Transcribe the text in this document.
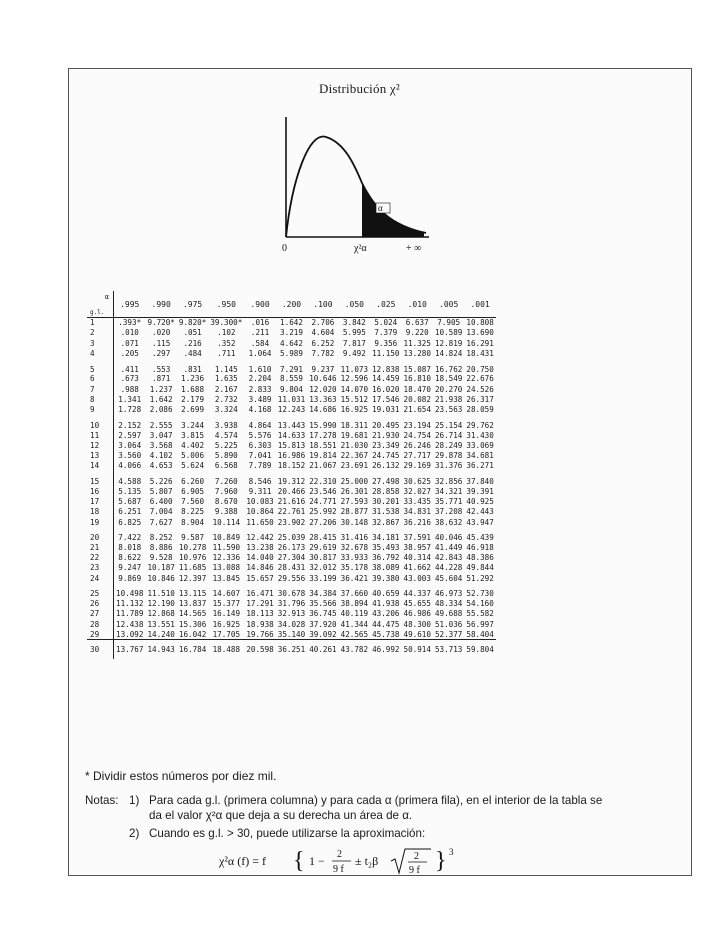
Distribución χ²
α
0	χ²α	+ ∞
α
g.l.	.995	.990	.975	.950	.900	.200	.100	.050	.025	.010	.005	.001
1	.393*	9.720*	9.820*	39.300*	.016	1.642	2.706	3.842	5.024	6.637	7.905	10.808
2	.010	.020	.051	.102	.211	3.219	4.604	5.995	7.379	9.220	10.589	13.690
3	.071	.115	.216	.352	.584	4.642	6.252	7.817	9.356	11.325	12.819	16.291
4	.205	.297	.484	.711	1.064	5.989	7.782	9.492	11.150	13.280	14.824	18.431
5	.411	.553	.831	1.145	1.610	7.291	9.237	11.073	12.838	15.087	16.762	20.750
6	.673	.871	1.236	1.635	2.204	8.559	10.646	12.596	14.459	16.810	18.549	22.676
7	.988	1.237	1.688	2.167	2.833	9.804	12.020	14.070	16.020	18.470	20.270	24.526
8	1.341	1.642	2.179	2.732	3.489	11.031	13.363	15.512	17.546	20.082	21.938	26.317
9	1.728	2.086	2.699	3.324	4.168	12.243	14.686	16.925	19.031	21.654	23.563	28.059
10	2.152	2.555	3.244	3.938	4.864	13.443	15.990	18.311	20.495	23.194	25.154	29.762
11	2.597	3.047	3.815	4.574	5.576	14.633	17.278	19.681	21.930	24.754	26.714	31.430
12	3.064	3.568	4.402	5.225	6.303	15.813	18.551	21.030	23.349	26.246	28.249	33.069
13	3.560	4.102	5.006	5.890	7.041	16.986	19.814	22.367	24.745	27.717	29.878	34.681
14	4.066	4.653	5.624	6.568	7.789	18.152	21.067	23.691	26.132	29.169	31.376	36.271
15	4.588	5.226	6.260	7.260	8.546	19.312	22.310	25.000	27.498	30.625	32.856	37.840
16	5.135	5.807	6.905	7.960	9.311	20.466	23.546	26.301	28.858	32.027	34.321	39.391
17	5.687	6.400	7.560	8.670	10.083	21.616	24.771	27.593	30.201	33.435	35.771	40.925
18	6.251	7.004	8.225	9.388	10.864	22.761	25.992	28.877	31.538	34.831	37.208	42.443
19	6.825	7.627	8.904	10.114	11.650	23.902	27.206	30.148	32.867	36.216	38.632	43.947
20	7.422	8.252	9.587	10.849	12.442	25.039	28.415	31.416	34.181	37.591	40.046	45.439
21	8.018	8.886	10.278	11.590	13.238	26.173	29.619	32.678	35.493	38.957	41.449	46.918
22	8.622	9.528	10.976	12.336	14.040	27.304	30.817	33.933	36.792	40.314	42.843	48.386
23	9.247	10.187	11.685	13.088	14.846	28.431	32.012	35.178	38.089	41.662	44.228	49.844
24	9.869	10.846	12.397	13.845	15.657	29.556	33.199	36.421	39.380	43.003	45.604	51.292
25	10.498	11.510	13.115	14.607	16.471	30.678	34.384	37.660	40.659	44.337	46.973	52.730
26	11.132	12.190	13.837	15.377	17.291	31.796	35.566	38.894	41.938	45.655	48.334	54.160
27	11.789	12.868	14.565	16.149	18.113	32.913	36.745	40.119	43.206	46.986	49.688	55.582
28	12.438	13.551	15.306	16.925	18.938	34.028	37.920	41.344	44.475	48.300	51.036	56.997
29	13.092	14.240	16.042	17.705	19.766	35.140	39.092	42.565	45.738	49.610	52.377	58.404
30	13.767	14.943	16.784	18.488	20.598	36.251	40.261	43.782	46.992	50.914	53.713	59.804
* Dividir estos números por diez mil.
Notas: 1) Para cada g.l. (primera columna) y para cada α (primera fila), en el interior de la tabla se
da el valor χ²α que deja a su derecha un área de α.
2) Cuando es g.l. > 30, puede utilizarse la aproximación:
χ²α (f) = f { 1 − 2
9 f
± t₂β	2
9 f } 3
